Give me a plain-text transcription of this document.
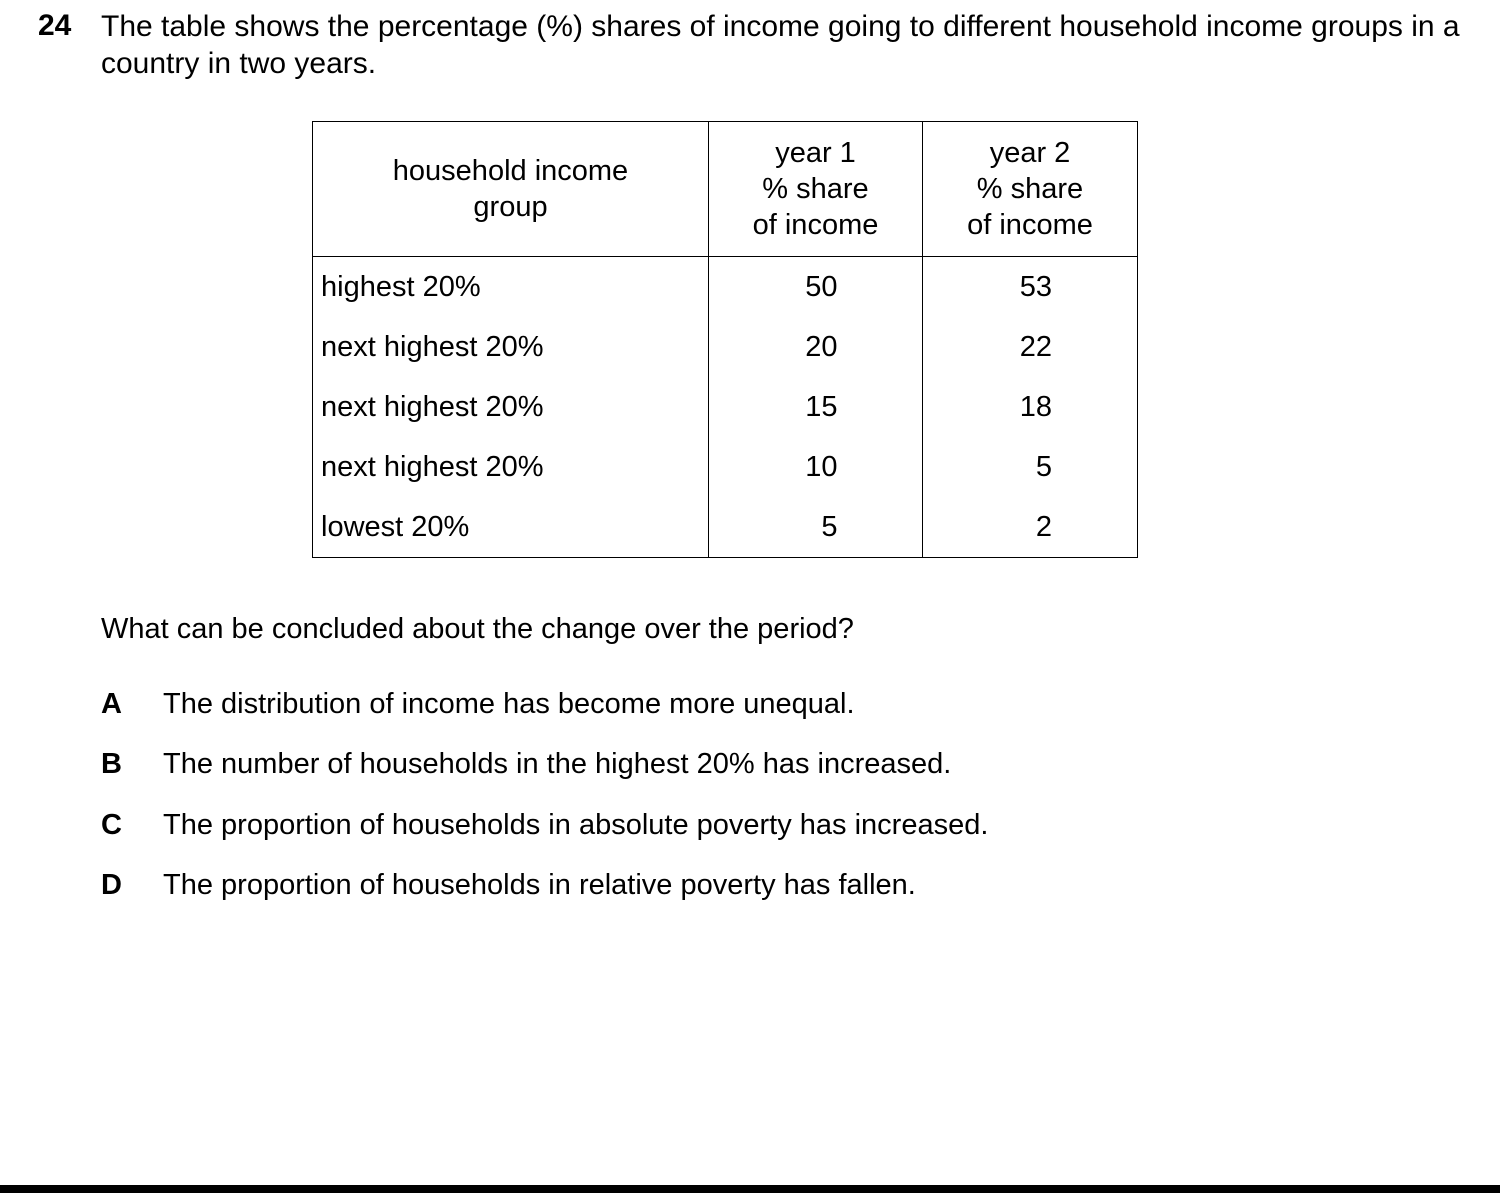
24 The table shows the percentage (%) shares of income going to different household income groups in a country in two years.
household income
group	year 1
% share
of income	year 2
% share
of income
highest 20%	50	53
next highest 20%	20	22
next highest 20%	15	18
next highest 20%	10	5
lowest 20%	5	2
What can be concluded about the change over the period?
A The distribution of income has become more unequal.
B The number of households in the highest 20% has increased.
C The proportion of households in absolute poverty has increased.
D The proportion of households in relative poverty has fallen.
